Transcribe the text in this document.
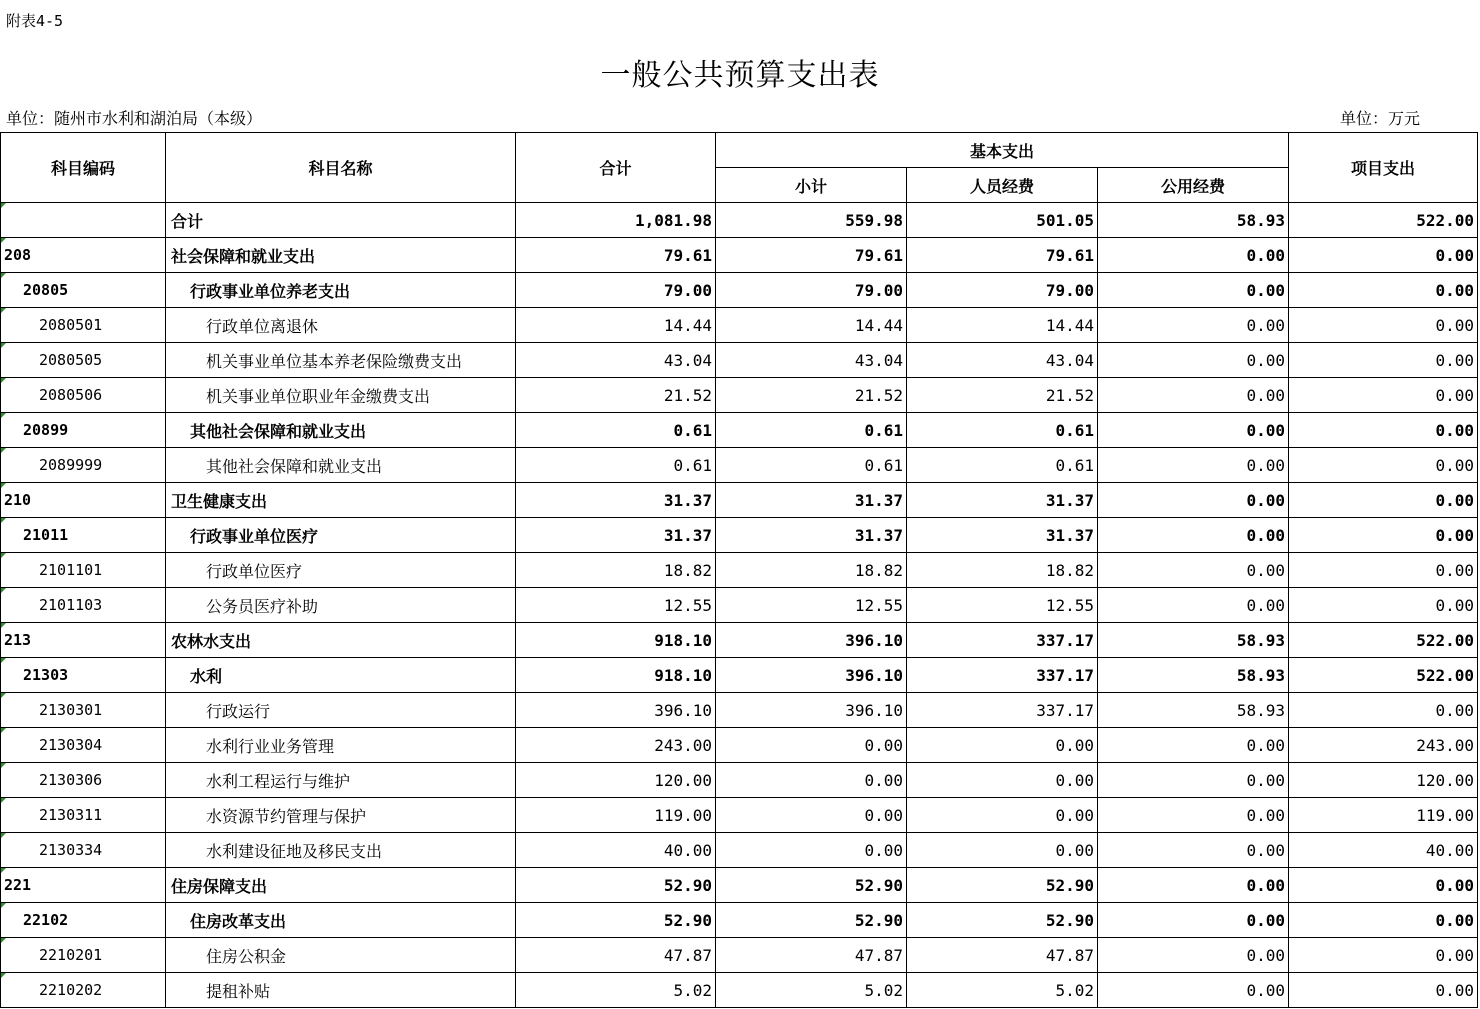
附表4-5
一般公共预算支出表
单位：随州市水利和湖泊局（本级）	单位：万元
科目编码	科目名称	合计	基本支出			项目支出
			小计	人员经费	公用经费	
	合计	1,081.98	559.98	501.05	58.93	522.00
208	社会保障和就业支出	79.61	79.61	79.61	0.00	0.00
20805	行政事业单位养老支出	79.00	79.00	79.00	0.00	0.00
2080501	行政单位离退休	14.44	14.44	14.44	0.00	0.00
2080505	机关事业单位基本养老保险缴费支出	43.04	43.04	43.04	0.00	0.00
2080506	机关事业单位职业年金缴费支出	21.52	21.52	21.52	0.00	0.00
20899	其他社会保障和就业支出	0.61	0.61	0.61	0.00	0.00
2089999	其他社会保障和就业支出	0.61	0.61	0.61	0.00	0.00
210	卫生健康支出	31.37	31.37	31.37	0.00	0.00
21011	行政事业单位医疗	31.37	31.37	31.37	0.00	0.00
2101101	行政单位医疗	18.82	18.82	18.82	0.00	0.00
2101103	公务员医疗补助	12.55	12.55	12.55	0.00	0.00
213	农林水支出	918.10	396.10	337.17	58.93	522.00
21303	水利	918.10	396.10	337.17	58.93	522.00
2130301	行政运行	396.10	396.10	337.17	58.93	0.00
2130304	水利行业业务管理	243.00	0.00	0.00	0.00	243.00
2130306	水利工程运行与维护	120.00	0.00	0.00	0.00	120.00
2130311	水资源节约管理与保护	119.00	0.00	0.00	0.00	119.00
2130334	水利建设征地及移民支出	40.00	0.00	0.00	0.00	40.00
221	住房保障支出	52.90	52.90	52.90	0.00	0.00
22102	住房改革支出	52.90	52.90	52.90	0.00	0.00
2210201	住房公积金	47.87	47.87	47.87	0.00	0.00
2210202	提租补贴	5.02	5.02	5.02	0.00	0.00
